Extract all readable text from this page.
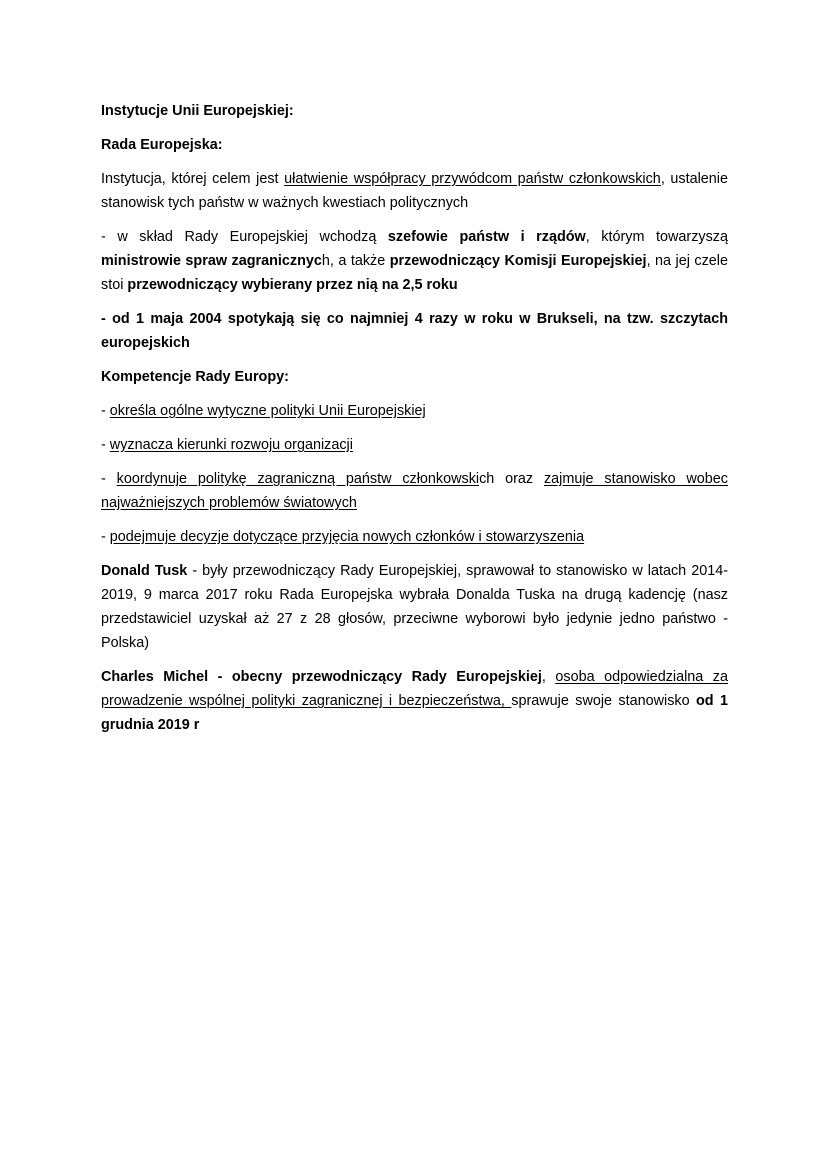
Instytucje Unii Europejskiej:

Rada Europejska:

Instytucja, której celem jest ułatwienie współpracy przywódcom państw członkowskich, ustalenie stanowisk tych państw w ważnych kwestiach politycznych

- w skład Rady Europejskiej wchodzą szefowie państw i rządów, którym towarzyszą ministrowie spraw zagranicznych, a także przewodniczący Komisji Europejskiej, na jej czele stoi przewodniczący wybierany przez nią na 2,5 roku

- od 1 maja 2004 spotykają się co najmniej 4 razy w roku w Brukseli, na tzw. szczytach europejskich

Kompetencje Rady Europy:

- określa ogólne wytyczne polityki Unii Europejskiej

- wyznacza kierunki rozwoju organizacji

- koordynuje politykę zagraniczną państw członkowskich oraz zajmuje stanowisko wobec najważniejszych problemów światowych

- podejmuje decyzje dotyczące przyjęcia nowych członków i stowarzyszenia

Donald Tusk - były przewodniczący Rady Europejskiej, sprawował to stanowisko w latach 2014-2019, 9 marca 2017 roku Rada Europejska wybrała Donalda Tuska na drugą kadencję (nasz przedstawiciel uzyskał aż 27 z 28 głosów, przeciwne wyborowi było jedynie jedno państwo - Polska)

Charles Michel - obecny przewodniczący Rady Europejskiej, osoba odpowiedzialna za prowadzenie wspólnej polityki zagranicznej i bezpieczeństwa, sprawuje swoje stanowisko od 1 grudnia 2019 r
